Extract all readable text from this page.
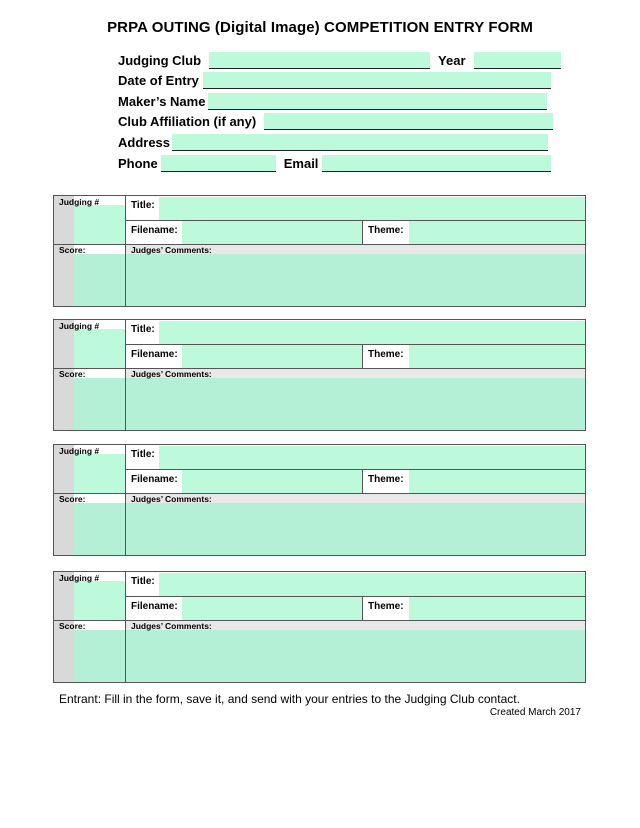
PRPA OUTING (Digital Image) COMPETITION ENTRY FORM
Judging Club	Year
Date of Entry
Maker’s Name
Club Affiliation (if any)
Address
Phone	Email
Judging #	Title:
Filename:	Theme:
Score:	Judges’ Comments:
Judging #	Title:
Filename:	Theme:
Score:	Judges’ Comments:
Judging #	Title:
Filename:	Theme:
Score:	Judges’ Comments:
Judging #	Title:
Filename:	Theme:
Score:	Judges’ Comments:
Entrant: Fill in the form, save it, and send with your entries to the Judging Club contact.
Created March 2017
